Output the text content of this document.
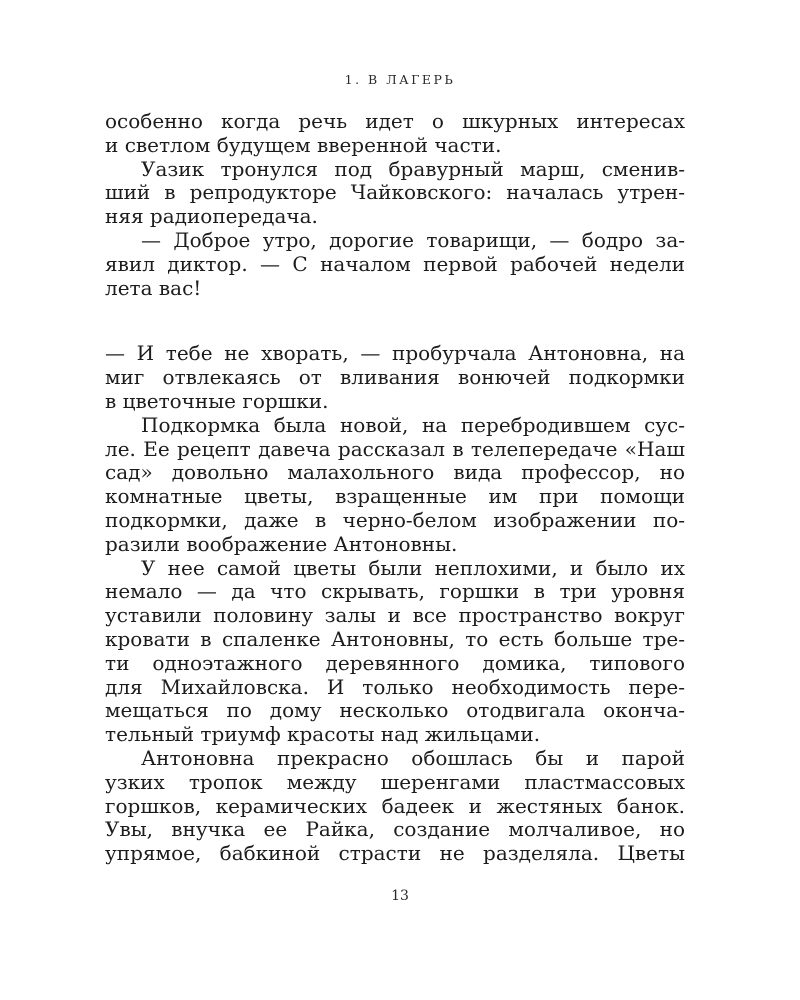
1. В ЛАГЕРЬ
особенно когда речь идет о шкурных интересах
и светлом будущем вверенной части.
Уазик тронулся под бравурный марш, сменив-
ший в репродукторе Чайковского: началась утрен-
няя радиопередача.
— Доброе утро, дорогие товарищи, — бодро за-
явил диктор. — С началом первой рабочей недели
лета вас!
— И тебе не хворать, — пробурчала Антоновна, на
миг отвлекаясь от вливания вонючей подкормки
в цветочные горшки.
Подкормка была новой, на перебродившем сус-
ле. Ее рецепт давеча рассказал в телепередаче «Наш
сад» довольно малахольного вида профессор, но
комнатные цветы, взращенные им при помощи
подкормки, даже в черно-белом изображении по-
разили воображение Антоновны.
У нее самой цветы были неплохими, и было их
немало — да что скрывать, горшки в три уровня
уставили половину залы и все пространство вокруг
кровати в спаленке Антоновны, то есть больше тре-
ти одноэтажного деревянного домика, типового
для Михайловска. И только необходимость пере-
мещаться по дому несколько отодвигала оконча-
тельный триумф красоты над жильцами.
Антоновна прекрасно обошлась бы и парой
узких тропок между шеренгами пластмассовых
горшков, керамических бадеек и жестяных банок.
Увы, внучка ее Райка, создание молчаливое, но
упрямое, бабкиной страсти не разделяла. Цветы
13
